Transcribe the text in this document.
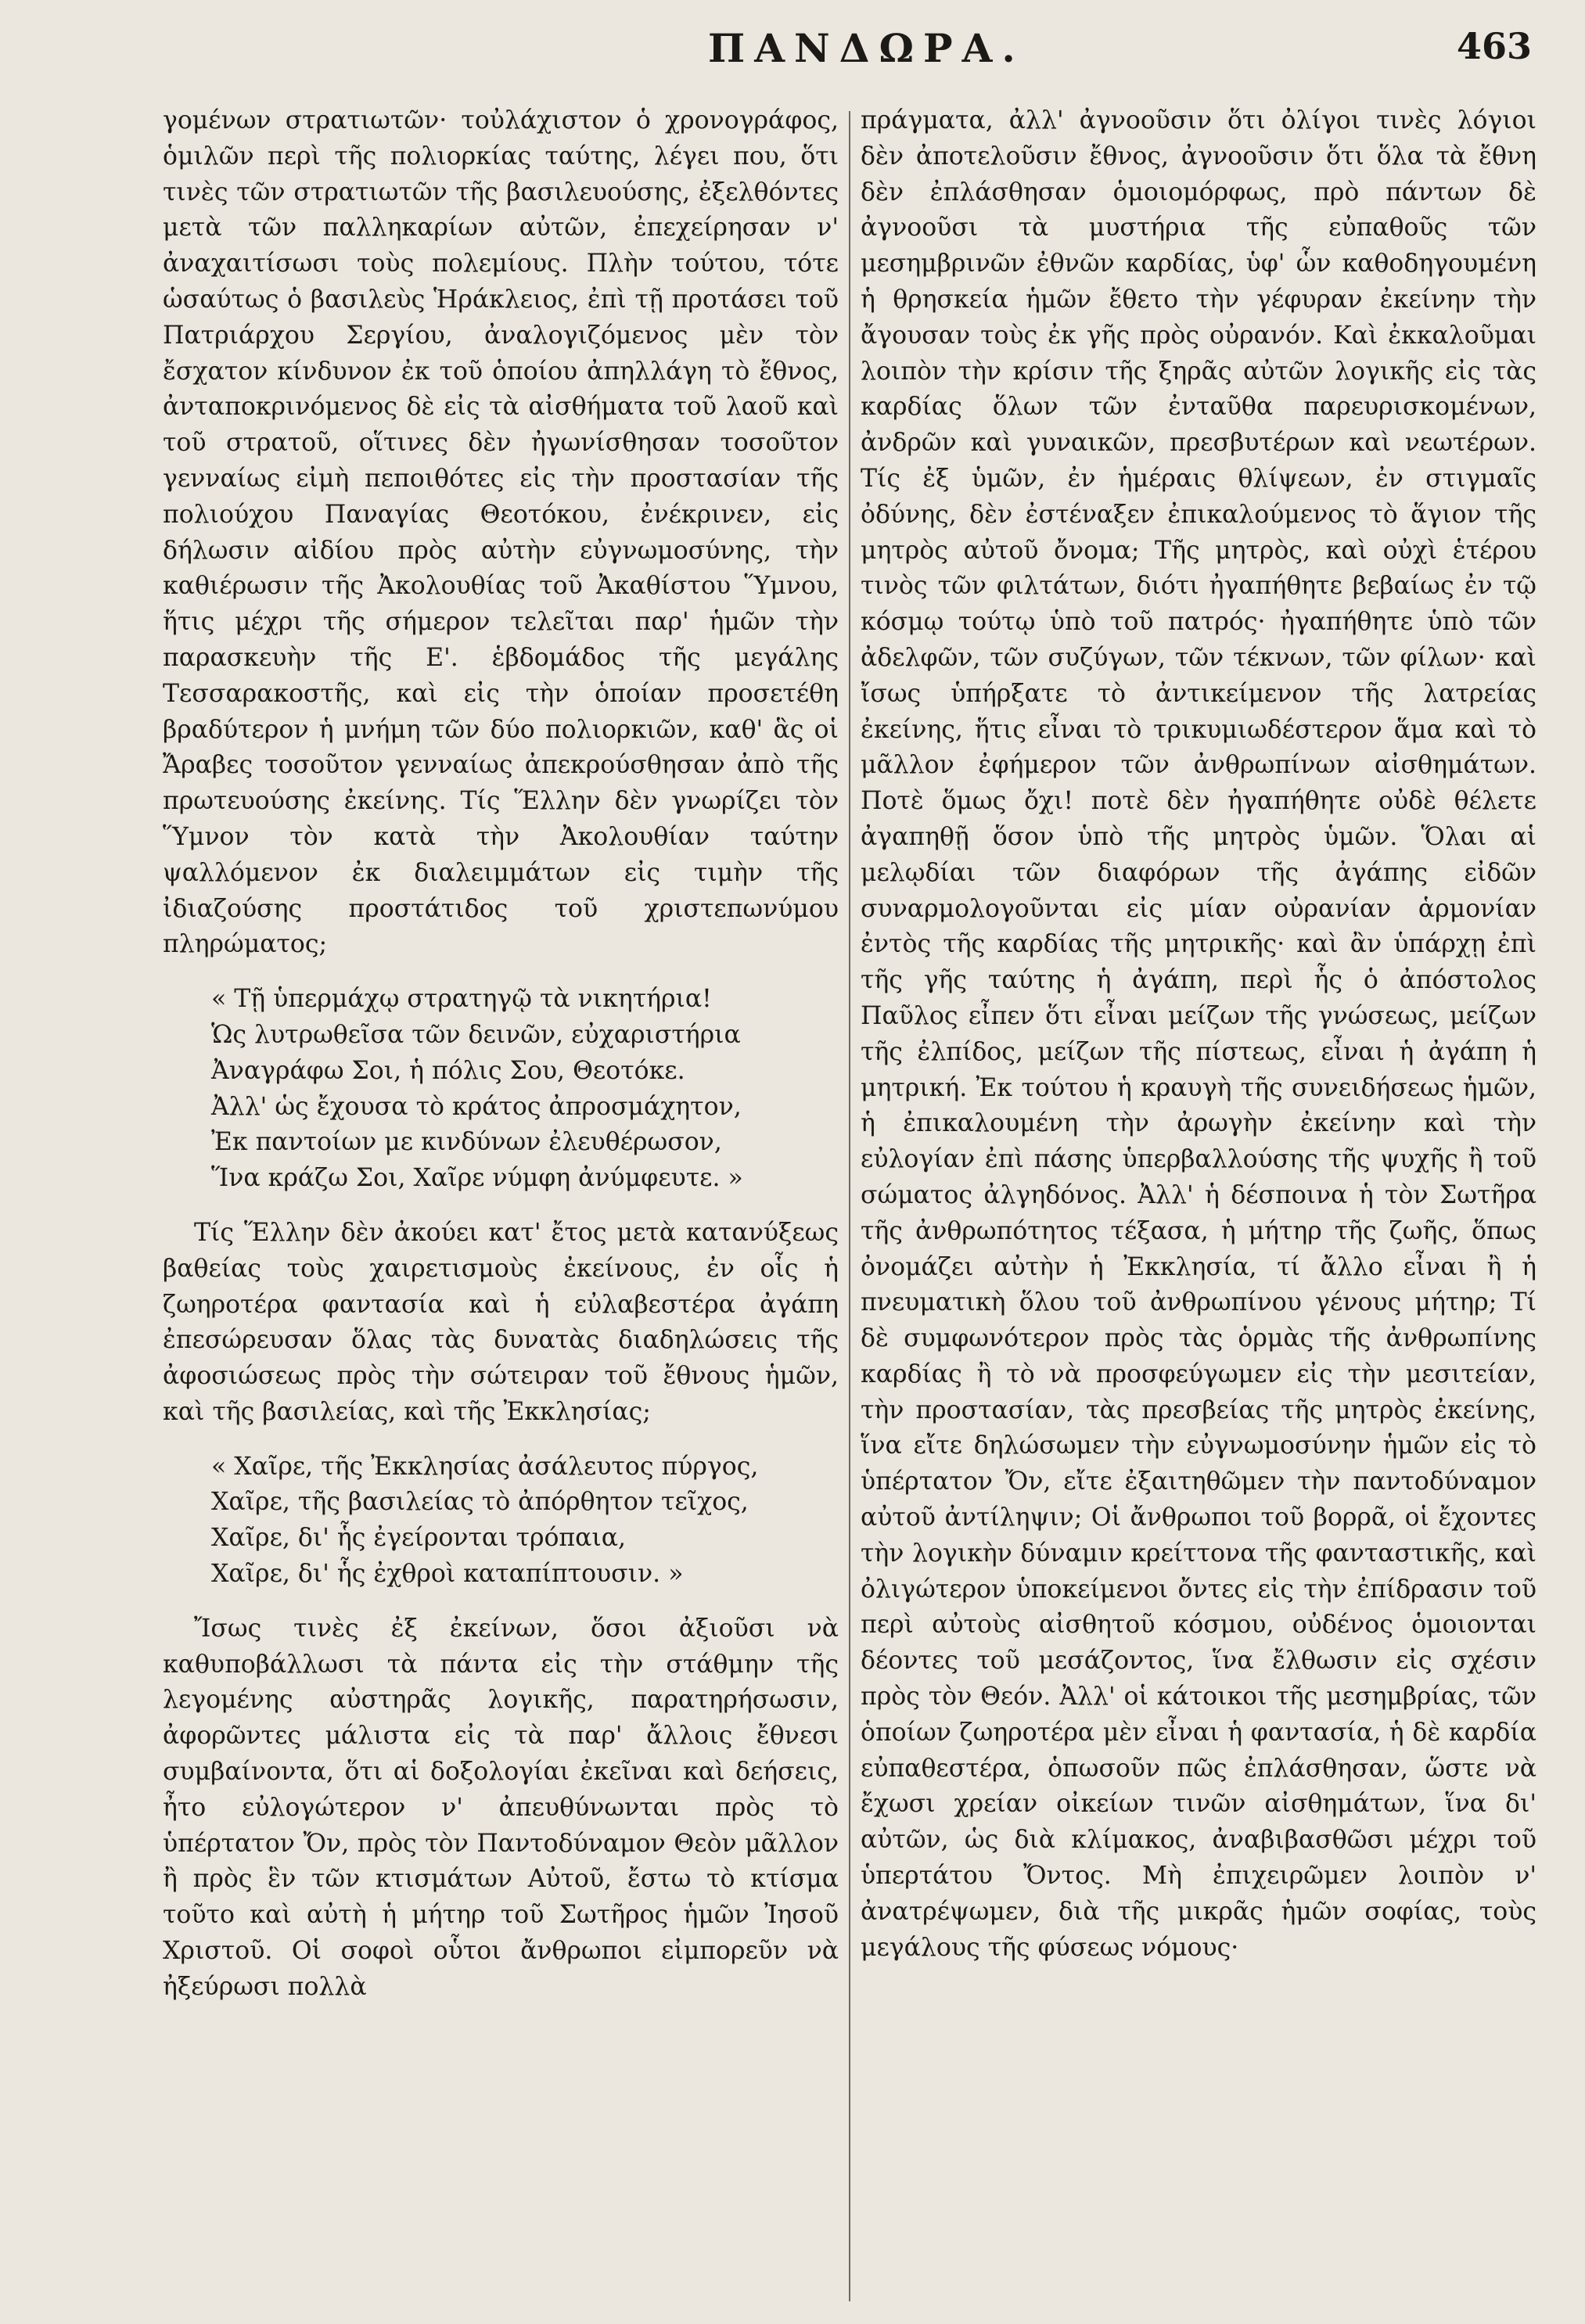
ΠΑΝΔΩΡΑ.	463

γομένων στρατιωτῶν· τοὐλάχιστον ὁ χρονογράφος, ὁμιλῶν περὶ τῆς πολιορκίας ταύτης, λέγει που, ὅτι τινὲς τῶν στρατιωτῶν τῆς βασιλευούσης, ἐξελθόντες μετὰ τῶν παλληκαρίων αὐτῶν, ἐπεχείρησαν ν' ἀναχαιτίσωσι τοὺς πολεμίους. Πλὴν τούτου, τότε ὡσαύτως ὁ βασιλεὺς Ἡράκλειος, ἐπὶ τῇ προτάσει τοῦ Πατριάρχου Σεργίου, ἀναλογιζόμενος μὲν τὸν ἔσχατον κίνδυνον ἐκ τοῦ ὁποίου ἀπηλλάγη τὸ ἔθνος, ἀνταποκρινόμενος δὲ εἰς τὰ αἰσθήματα τοῦ λαοῦ καὶ τοῦ στρατοῦ, οἵτινες δὲν ἠγωνίσθησαν τοσοῦτον γενναίως εἰμὴ πεποιθότες εἰς τὴν προστασίαν τῆς πολιούχου Παναγίας Θεοτόκου, ἐνέκρινεν, εἰς δήλωσιν αἰδίου πρὸς αὐτὴν εὐγνωμοσύνης, τὴν καθιέρωσιν τῆς Ἀκολουθίας τοῦ Ἀκαθίστου Ὕμνου, ἥτις μέχρι τῆς σήμερον τελεῖται παρ' ἡμῶν τὴν παρασκευὴν τῆς Ε'. ἑβδομάδος τῆς μεγάλης Τεσσαρακοστῆς, καὶ εἰς τὴν ὁποίαν προσετέθη βραδύτερον ἡ μνήμη τῶν δύο πολιορκιῶν, καθ' ἃς οἱ Ἄραβες τοσοῦτον γενναίως ἀπεκρούσθησαν ἀπὸ τῆς πρωτευούσης ἐκείνης. Τίς Ἕλλην δὲν γνωρίζει τὸν Ὕμνον τὸν κατὰ τὴν Ἀκολουθίαν ταύτην ψαλλόμενον ἐκ διαλειμμάτων εἰς τιμὴν τῆς ἰδιαζούσης προστάτιδος τοῦ χριστεπωνύμου πληρώματος;

« Τῇ ὑπερμάχῳ στρατηγῷ τὰ νικητήρια!
Ὡς λυτρωθεῖσα τῶν δεινῶν, εὐχαριστήρια
Ἀναγράφω Σοι, ἡ πόλις Σου, Θεοτόκε.
Ἀλλ' ὡς ἔχουσα τὸ κράτος ἀπροσμάχητον,
Ἐκ παντοίων με κινδύνων ἐλευθέρωσον,
Ἵνα κράζω Σοι, Χαῖρε νύμφη ἀνύμφευτε. »

Τίς Ἕλλην δὲν ἀκούει κατ' ἔτος μετὰ κατανύξεως βαθείας τοὺς χαιρετισμοὺς ἐκείνους, ἐν οἷς ἡ ζωηροτέρα φαντασία καὶ ἡ εὐλαβεστέρα ἀγάπη ἐπεσώρευσαν ὅλας τὰς δυνατὰς διαδηλώσεις τῆς ἀφοσιώσεως πρὸς τὴν σώτειραν τοῦ ἔθνους ἡμῶν, καὶ τῆς βασιλείας, καὶ τῆς Ἐκκλησίας;

« Χαῖρε, τῆς Ἐκκλησίας ἀσάλευτος πύργος,
Χαῖρε, τῆς βασιλείας τὸ ἀπόρθητον τεῖχος,
Χαῖρε, δι' ἧς ἐγείρονται τρόπαια,
Χαῖρε, δι' ἧς ἐχθροὶ καταπίπτουσιν. »

Ἴσως τινὲς ἐξ ἐκείνων, ὅσοι ἀξιοῦσι νὰ καθυποβάλλωσι τὰ πάντα εἰς τὴν στάθμην τῆς λεγομένης αὐστηρᾶς λογικῆς, παρατηρήσωσιν, ἀφορῶντες μάλιστα εἰς τὰ παρ' ἄλλοις ἔθνεσι συμβαίνοντα, ὅτι αἱ δοξολογίαι ἐκεῖναι καὶ δεήσεις, ἦτο εὐλογώτερον ν' ἀπευθύνωνται πρὸς τὸ ὑπέρτατον Ὄν, πρὸς τὸν Παντοδύναμον Θεὸν μᾶλλον ἢ πρὸς ἓν τῶν κτισμάτων Αὐτοῦ, ἔστω τὸ κτίσμα τοῦτο καὶ αὐτὴ ἡ μήτηρ τοῦ Σωτῆρος ἡμῶν Ἰησοῦ Χριστοῦ. Οἱ σοφοὶ οὗτοι ἄνθρωποι εἰμπορεῦν νὰ ἠξεύρωσι πολλὰ

πράγματα, ἀλλ' ἀγνοοῦσιν ὅτι ὀλίγοι τινὲς λόγιοι δὲν ἀποτελοῦσιν ἔθνος, ἀγνοοῦσιν ὅτι ὅλα τὰ ἔθνη δὲν ἐπλάσθησαν ὁμοιομόρφως, πρὸ πάντων δὲ ἀγνοοῦσι τὰ μυστήρια τῆς εὐπαθοῦς τῶν μεσημβρινῶν ἐθνῶν καρδίας, ὑφ' ὧν καθοδηγουμένη ἡ θρησκεία ἡμῶν ἔθετο τὴν γέφυραν ἐκείνην τὴν ἄγουσαν τοὺς ἐκ γῆς πρὸς οὐρανόν. Καὶ ἐκκαλοῦμαι λοιπὸν τὴν κρίσιν τῆς ξηρᾶς αὐτῶν λογικῆς εἰς τὰς καρδίας ὅλων τῶν ἐνταῦθα παρευρισκομένων, ἀνδρῶν καὶ γυναικῶν, πρεσβυτέρων καὶ νεωτέρων. Τίς ἐξ ὑμῶν, ἐν ἡμέραις θλίψεων, ἐν στιγμαῖς ὀδύνης, δὲν ἐστέναξεν ἐπικαλούμενος τὸ ἅγιον τῆς μητρὸς αὐτοῦ ὄνομα; Τῆς μητρὸς, καὶ οὐχὶ ἑτέρου τινὸς τῶν φιλτάτων, διότι ἠγαπήθητε βεβαίως ἐν τῷ κόσμῳ τούτῳ ὑπὸ τοῦ πατρός· ἠγαπήθητε ὑπὸ τῶν ἀδελφῶν, τῶν συζύγων, τῶν τέκνων, τῶν φίλων· καὶ ἴσως ὑπήρξατε τὸ ἀντικείμενον τῆς λατρείας ἐκείνης, ἥτις εἶναι τὸ τρικυμιωδέστερον ἅμα καὶ τὸ μᾶλλον ἐφήμερον τῶν ἀνθρωπίνων αἰσθημάτων. Ποτὲ ὅμως ὄχι! ποτὲ δὲν ἠγαπήθητε οὐδὲ θέλετε ἀγαπηθῇ ὅσον ὑπὸ τῆς μητρὸς ὑμῶν. Ὅλαι αἱ μελῳδίαι τῶν διαφόρων τῆς ἀγάπης εἰδῶν συναρμολογοῦνται εἰς μίαν οὐρανίαν ἁρμονίαν ἐντὸς τῆς καρδίας τῆς μητρικῆς· καὶ ἂν ὑπάρχῃ ἐπὶ τῆς γῆς ταύτης ἡ ἀγάπη, περὶ ἧς ὁ ἀπόστολος Παῦλος εἶπεν ὅτι εἶναι μείζων τῆς γνώσεως, μείζων τῆς ἐλπίδος, μείζων τῆς πίστεως, εἶναι ἡ ἀγάπη ἡ μητρική. Ἐκ τούτου ἡ κραυγὴ τῆς συνειδήσεως ἡμῶν, ἡ ἐπικαλουμένη τὴν ἀρωγὴν ἐκείνην καὶ τὴν εὐλογίαν ἐπὶ πάσης ὑπερβαλλούσης τῆς ψυχῆς ἢ τοῦ σώματος ἀλγηδόνος. Ἀλλ' ἡ δέσποινα ἡ τὸν Σωτῆρα τῆς ἀνθρωπότητος τέξασα, ἡ μήτηρ τῆς ζωῆς, ὅπως ὀνομάζει αὐτὴν ἡ Ἐκκλησία, τί ἄλλο εἶναι ἢ ἡ πνευματικὴ ὅλου τοῦ ἀνθρωπίνου γένους μήτηρ; Τί δὲ συμφωνότερον πρὸς τὰς ὁρμὰς τῆς ἀνθρωπίνης καρδίας ἢ τὸ νὰ προσφεύγωμεν εἰς τὴν μεσιτείαν, τὴν προστασίαν, τὰς πρεσβείας τῆς μητρὸς ἐκείνης, ἵνα εἴτε δηλώσωμεν τὴν εὐγνωμοσύνην ἡμῶν εἰς τὸ ὑπέρτατον Ὄν, εἴτε ἐξαιτηθῶμεν τὴν παντοδύναμον αὐτοῦ ἀντίληψιν; Οἱ ἄνθρωποι τοῦ βορρᾶ, οἱ ἔχοντες τὴν λογικὴν δύναμιν κρείττονα τῆς φανταστικῆς, καὶ ὀλιγώτερον ὑποκείμενοι ὄντες εἰς τὴν ἐπίδρασιν τοῦ περὶ αὐτοὺς αἰσθητοῦ κόσμου, οὐδένος ὁμοιονται δέοντες τοῦ μεσάζοντος, ἵνα ἔλθωσιν εἰς σχέσιν πρὸς τὸν Θεόν. Ἀλλ' οἱ κάτοικοι τῆς μεσημβρίας, τῶν ὁποίων ζωηροτέρα μὲν εἶναι ἡ φαντασία, ἡ δὲ καρδία εὐπαθεστέρα, ὁπωσοῦν πῶς ἐπλάσθησαν, ὥστε νὰ ἔχωσι χρείαν οἰκείων τινῶν αἰσθημάτων, ἵνα δι' αὐτῶν, ὡς διὰ κλίμακος, ἀναβιβασθῶσι μέχρι τοῦ ὑπερτάτου Ὄντος. Μὴ ἐπιχειρῶμεν λοιπὸν ν' ἀνατρέψωμεν, διὰ τῆς μικρᾶς ἡμῶν σοφίας, τοὺς μεγάλους τῆς φύσεως νόμους·
